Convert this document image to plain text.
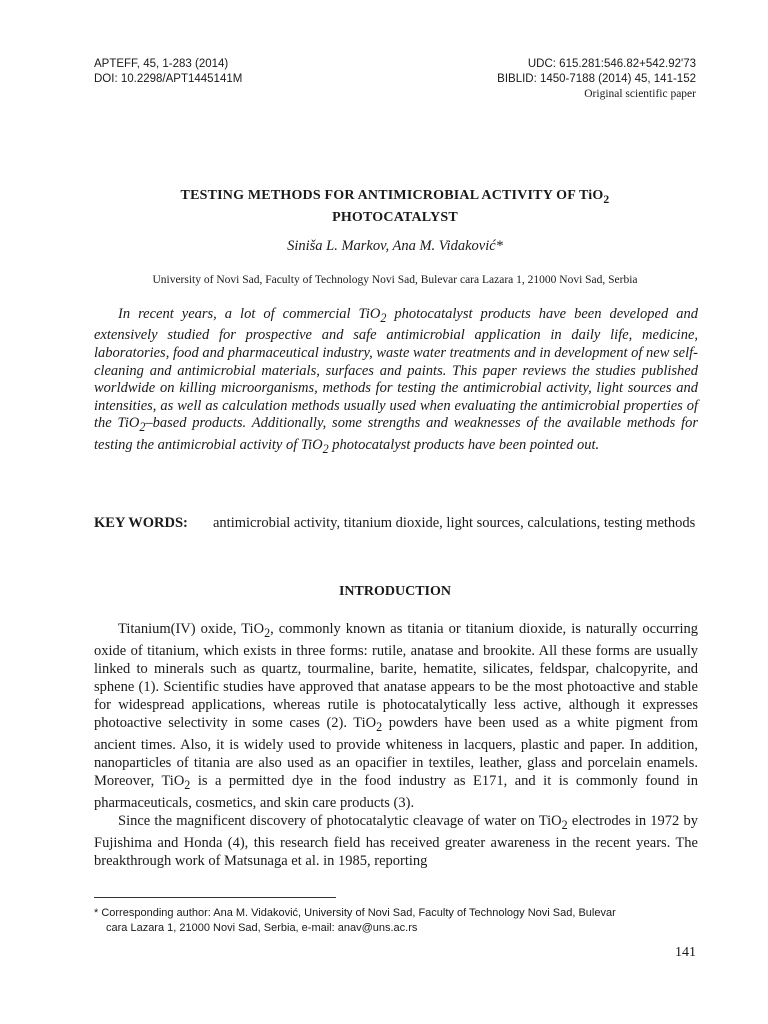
APTEFF, 45, 1-283 (2014)
DOI: 10.2298/APT1445141M
UDC: 615.281:546.82+542.92'73
BIBLID: 1450-7188 (2014) 45, 141-152
Original scientific paper
TESTING METHODS FOR ANTIMICROBIAL ACTIVITY OF TiO$_2$
PHOTOCATALYST
Siniša L. Markov, Ana M. Vidaković*
University of Novi Sad, Faculty of Technology Novi Sad, Bulevar cara Lazara 1, 21000 Novi Sad, Serbia

In recent years, a lot of commercial TiO$_2$ photocatalyst products have been developed and extensively studied for prospective and safe antimicrobial application in daily life, medicine, laboratories, food and pharmaceutical industry, waste water treatments and in development of new self-cleaning and antimicrobial materials, surfaces and paints. This paper reviews the studies published worldwide on killing microorganisms, methods for testing the antimicrobial activity, light sources and intensities, as well as calculation methods usually used when evaluating the antimicrobial properties of the TiO$_2$–based products. Additionally, some strengths and weaknesses of the available methods for testing the antimicrobial activity of TiO$_2$ photocatalyst products have been pointed out.

KEY WORDS: antimicrobial activity, titanium dioxide, light sources, calculations, testing methods
INTRODUCTION

Titanium(IV) oxide, TiO$_2$, commonly known as titania or titanium dioxide, is naturally occurring oxide of titanium, which exists in three forms: rutile, anatase and brookite. All these forms are usually linked to minerals such as quartz, tourmaline, barite, hematite, silicates, feldspar, chalcopyrite, and sphene (1). Scientific studies have approved that anatase appears to be the most photoactive and stable for widespread applications, whereas rutile is photocatalytically less active, although it expresses photoactive selectivity in some cases (2). TiO$_2$ powders have been used as a white pigment from ancient times. Also, it is widely used to provide whiteness in lacquers, plastic and paper. In addition, nanoparticles of titania are also used as an opacifier in textiles, leather, glass and porcelain enamels. Moreover, TiO$_2$ is a permitted dye in the food industry as E171, and it is commonly found in pharmaceuticals, cosmetics, and skin care products (3).

Since the magnificent discovery of photocatalytic cleavage of water on TiO$_2$ electrodes in 1972 by Fujishima and Honda (4), this research field has received greater awareness in the recent years. The breakthrough work of Matsunaga et al. in 1985, reporting

* Corresponding author: Ana M. Vidaković, University of Novi Sad, Faculty of Technology Novi Sad, Bulevar
cara Lazara 1, 21000 Novi Sad, Serbia, e-mail: anav@uns.ac.rs
141
